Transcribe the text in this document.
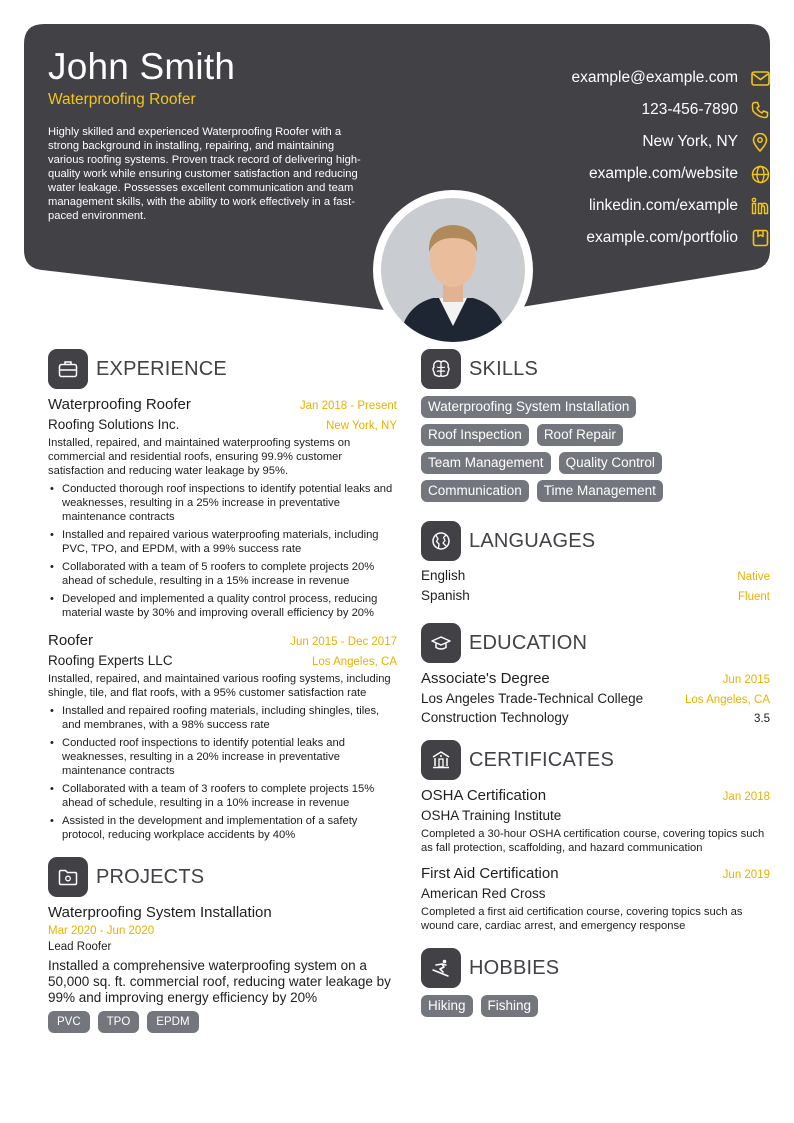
John Smith
Waterproofing Roofer
Highly skilled and experienced Waterproofing Roofer with a strong background in installing, repairing, and maintaining various roofing systems. Proven track record of delivering high-quality work while ensuring customer satisfaction and reducing water leakage. Possesses excellent communication and team management skills, with the ability to work effectively in a fast-paced environment.
example@example.com
123-456-7890
New York, NY
example.com/website
linkedin.com/example
example.com/portfolio
EXPERIENCE
Waterproofing Roofer	Jan 2018 - Present
Roofing Solutions Inc.	New York, NY
Installed, repaired, and maintained waterproofing systems on commercial and residential roofs, ensuring 99.9% customer satisfaction and reducing water leakage by 95%.
• Conducted thorough roof inspections to identify potential leaks and weaknesses, resulting in a 25% increase in preventative maintenance contracts
• Installed and repaired various waterproofing materials, including PVC, TPO, and EPDM, with a 99% success rate
• Collaborated with a team of 5 roofers to complete projects 20% ahead of schedule, resulting in a 15% increase in revenue
• Developed and implemented a quality control process, reducing material waste by 30% and improving overall efficiency by 20%
Roofer	Jun 2015 - Dec 2017
Roofing Experts LLC	Los Angeles, CA
Installed, repaired, and maintained various roofing systems, including shingle, tile, and flat roofs, with a 95% customer satisfaction rate
• Installed and repaired roofing materials, including shingles, tiles, and membranes, with a 98% success rate
• Conducted roof inspections to identify potential leaks and weaknesses, resulting in a 20% increase in preventative maintenance contracts
• Collaborated with a team of 3 roofers to complete projects 15% ahead of schedule, resulting in a 10% increase in revenue
• Assisted in the development and implementation of a safety protocol, reducing workplace accidents by 40%
PROJECTS
Waterproofing System Installation
Mar 2020 - Jun 2020
Lead Roofer
Installed a comprehensive waterproofing system on a 50,000 sq. ft. commercial roof, reducing water leakage by 99% and improving energy efficiency by 20%
PVC	TPO	EPDM
SKILLS
Waterproofing System Installation
Roof Inspection	Roof Repair
Team Management	Quality Control
Communication	Time Management
LANGUAGES
English	Native
Spanish	Fluent
EDUCATION
Associate's Degree	Jun 2015
Los Angeles Trade-Technical College	Los Angeles, CA
Construction Technology	3.5
CERTIFICATES
OSHA Certification	Jan 2018
OSHA Training Institute
Completed a 30-hour OSHA certification course, covering topics such as fall protection, scaffolding, and hazard communication
First Aid Certification	Jun 2019
American Red Cross
Completed a first aid certification course, covering topics such as wound care, cardiac arrest, and emergency response
HOBBIES
Hiking	Fishing
